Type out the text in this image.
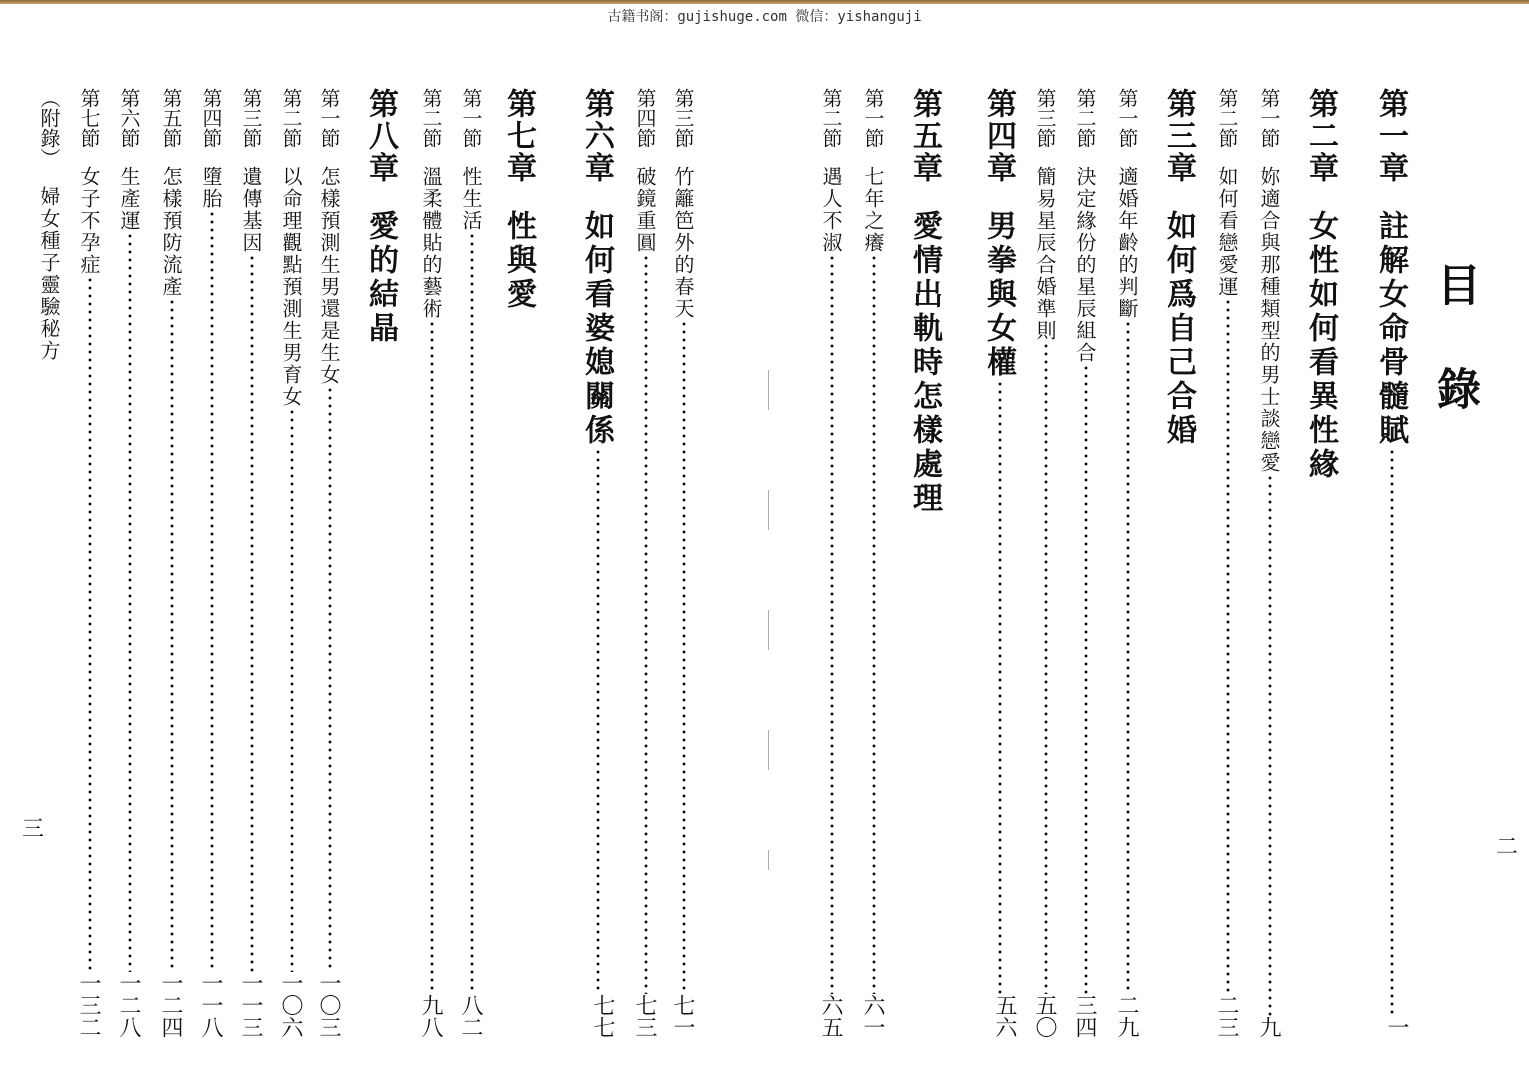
古籍书阁：gujishuge.com 微信：yishanguji
目錄
二
三
第一章
註解女命骨髓賦
一
第二章
女性如何看異性緣
第一節
妳適合與那種類型的男士談戀愛
九
第二節
如何看戀愛運
二三
第三章
如何爲自己合婚
第一節
適婚年齡的判斷
二九
第二節
決定緣份的星辰組合
三四
第三節
簡易星辰合婚準則
五〇
第四章
男拳與女權
五六
第五章
愛情出軌時怎樣處理
第一節
七年之癢
六一
第二節
遇人不淑
六五
第三節
竹籬笆外的春天
七一
第四節
破鏡重圓
七三
第六章
如何看婆媳關係
七七
第七章
性與愛
第一節
性生活
八二
第二節
溫柔體貼的藝術
九八
第八章
愛的結晶
第一節
怎樣預測生男還是生女
一〇三
第二節
以命理觀點預測生男育女
一〇六
第三節
遺傳基因
一一三
第四節
墮胎
一一八
第五節
怎樣預防流產
一二四
第六節
生產運
一二八
第七節
女子不孕症
一三二
（附錄）
婦女種子靈驗秘方
